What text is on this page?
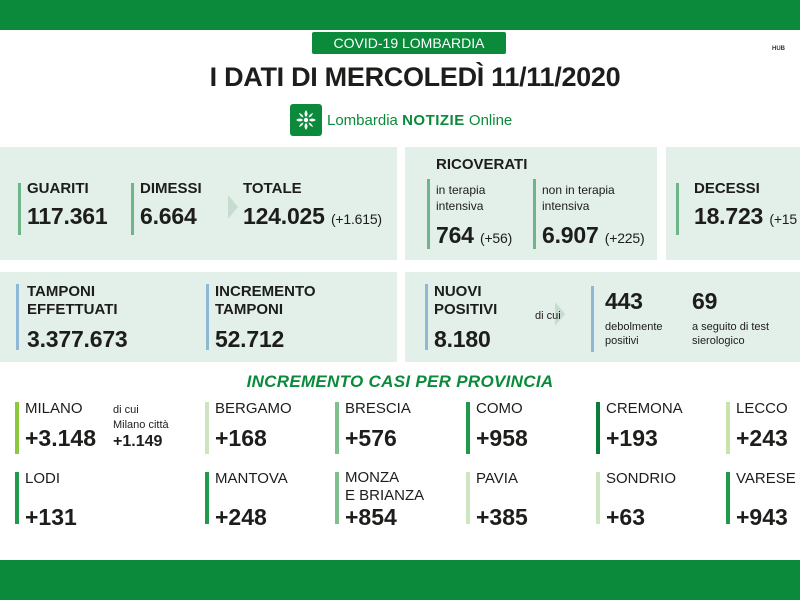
COVID-19 LOMBARDIA	HUB
I DATI DI MERCOLEDÌ 11/11/2020
Lombardia NOTIZIE Online
GUARITI
117.361
DIMESSI
6.664
TOTALE
124.025 (+1.615)
RICOVERATI
in terapia
intensiva
764 (+56)
non in terapia
intensiva
6.907 (+225)
DECESSI
18.723 (+15
TAMPONI
EFFETTUATI
3.377.673
INCREMENTO
TAMPONI
52.712
NUOVI
POSITIVI
8.180
di cui
443
debolmente
positivi
69
a seguito di test
sierologico
INCREMENTO CASI PER PROVINCIA
MILANO
+3.148
di cui
Milano città
+1.149
BERGAMO
+168
BRESCIA
+576
COMO
+958
CREMONA
+193
LECCO
+243
LODI
+131
MANTOVA
+248
MONZA
E BRIANZA
+854
PAVIA
+385
SONDRIO
+63
VARESE
+943
